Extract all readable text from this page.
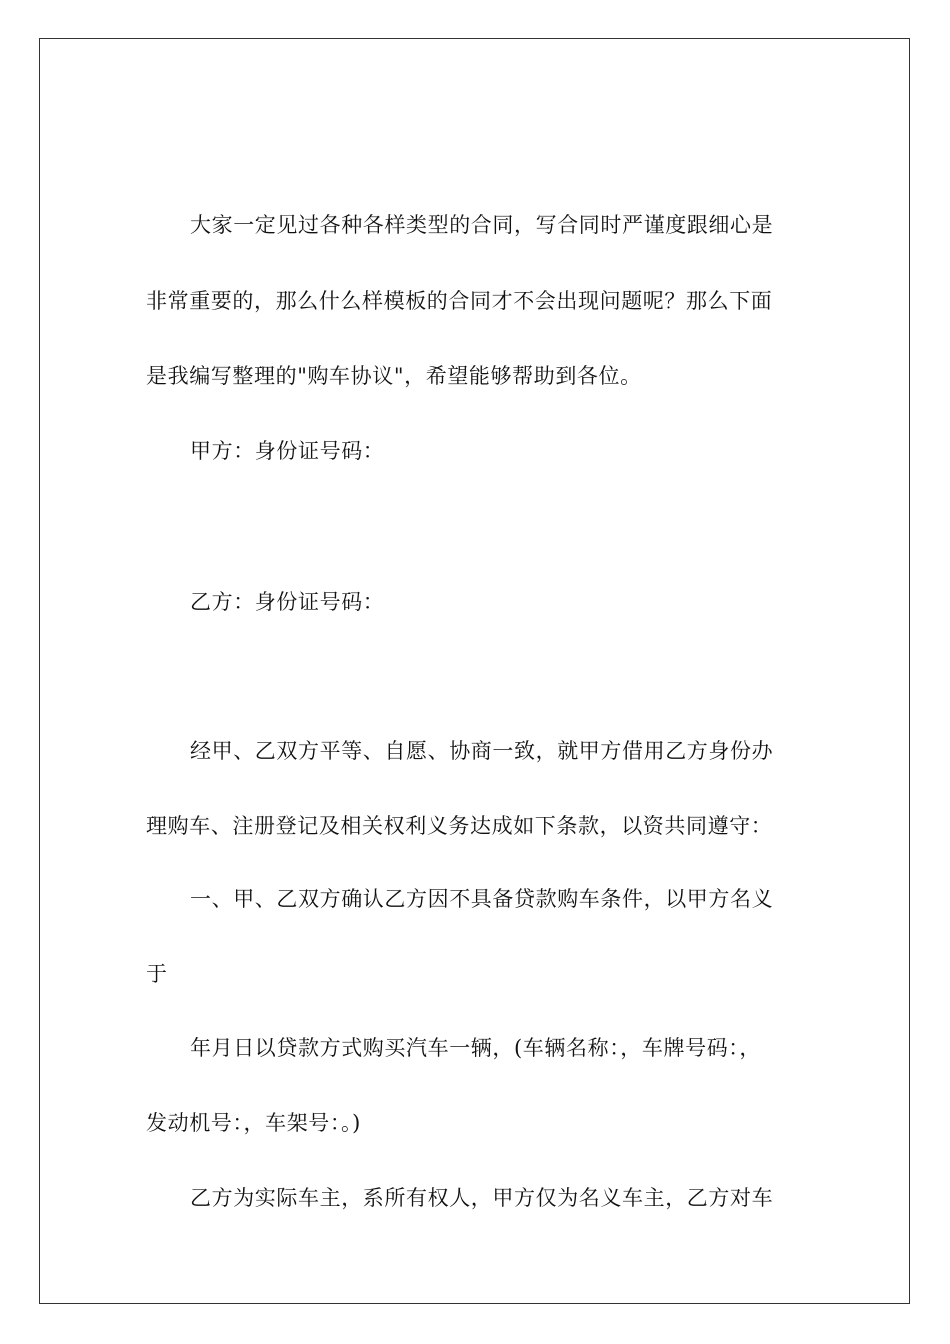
大家一定见过各种各样类型的合同，写合同时严谨度跟细心是
非常重要的，那么什么样模板的合同才不会出现问题呢？那么下面
是我编写整理的"购车协议"，希望能够帮助到各位。
甲方：身份证号码：
乙方：身份证号码：
经甲、乙双方平等、自愿、协商一致，就甲方借用乙方身份办
理购车、注册登记及相关权利义务达成如下条款，以资共同遵守：
一、甲、乙双方确认乙方因不具备贷款购车条件，以甲方名义
于
年月日以贷款方式购买汽车一辆，(车辆名称：，车牌号码：，
发动机号：，车架号：。)
乙方为实际车主，系所有权人，甲方仅为名义车主，乙方对车
